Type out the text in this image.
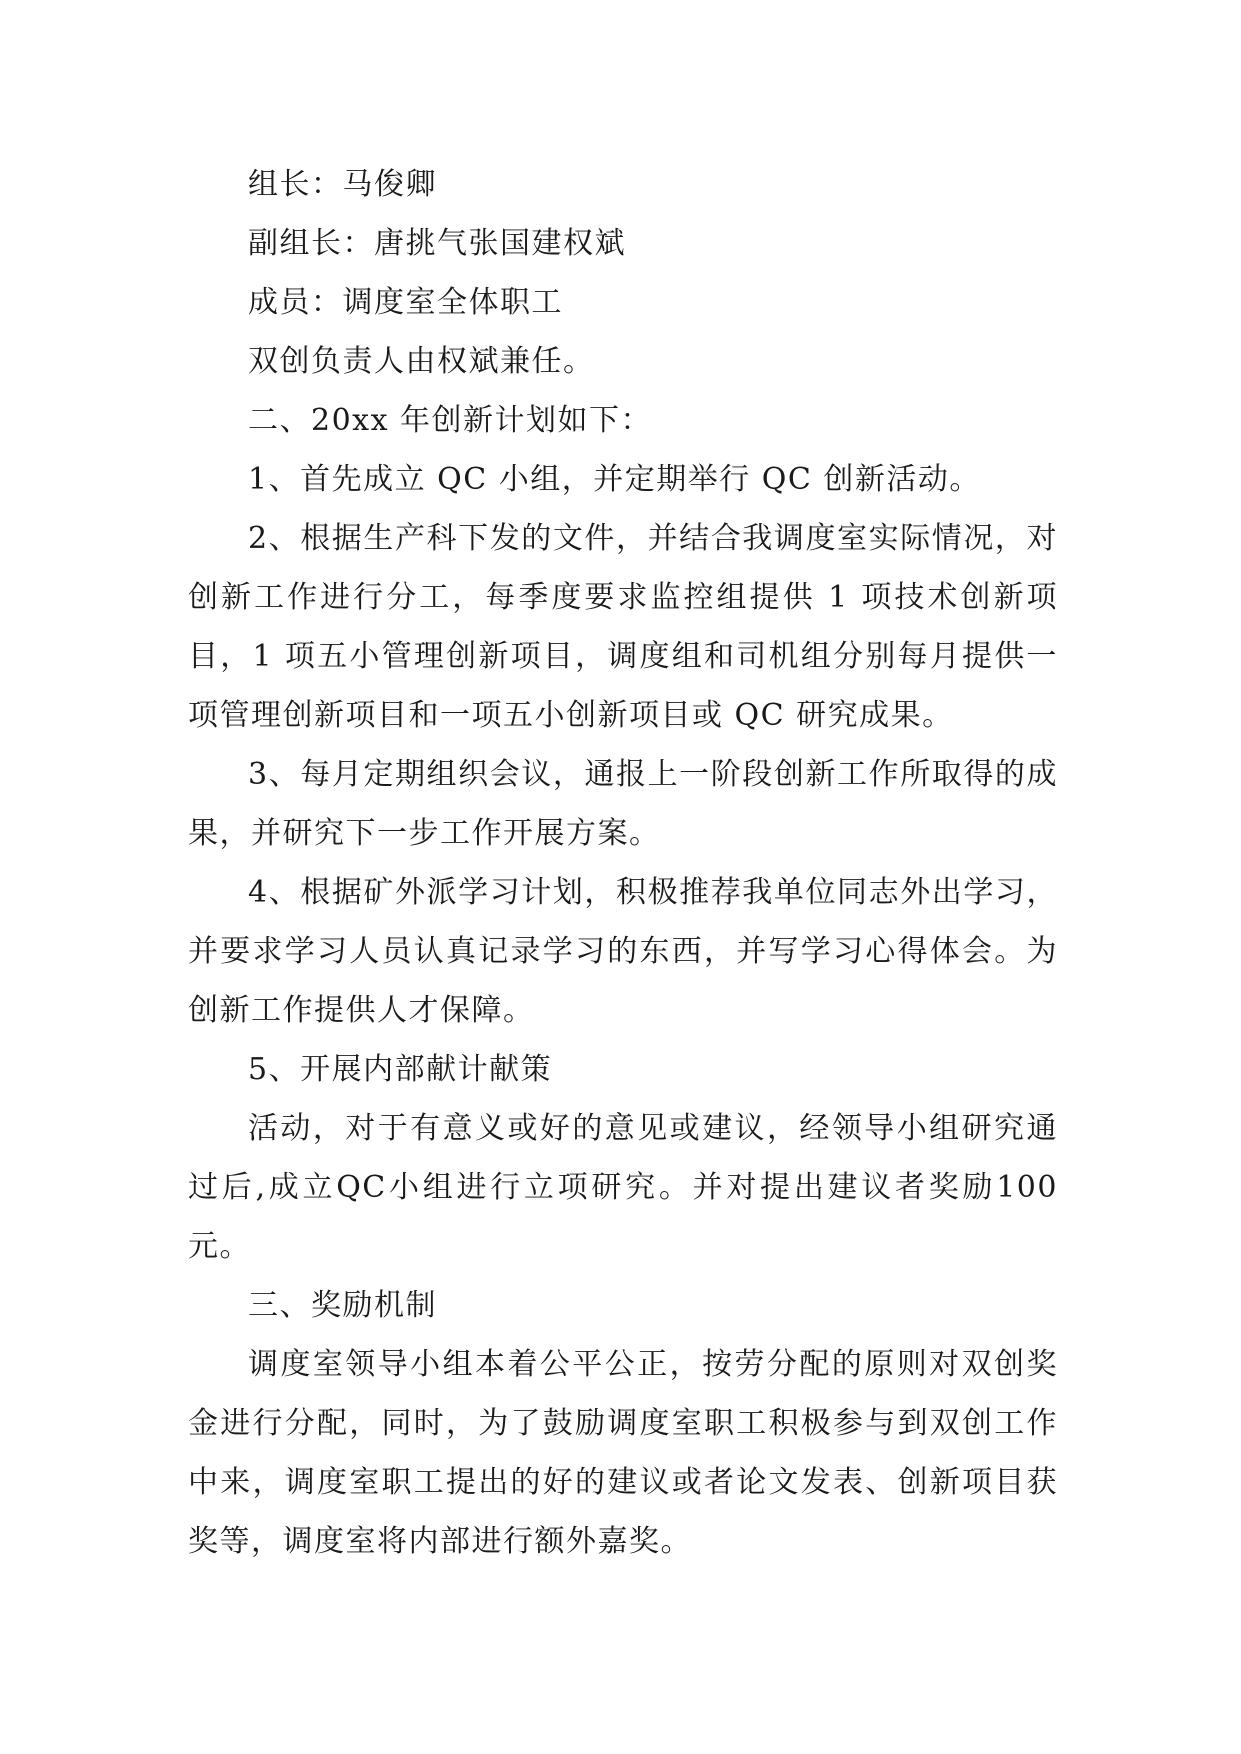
组长：马俊卿

副组长：唐挑气张国建权斌

成员：调度室全体职工

双创负责人由权斌兼任。

二、20xx 年创新计划如下：

1、首先成立 QC 小组，并定期举行 QC 创新活动。

2、根据生产科下发的文件，并结合我调度室实际情况，对创新工作进行分工，每季度要求监控组提供 1 项技术创新项目，1 项五小管理创新项目，调度组和司机组分别每月提供一项管理创新项目和一项五小创新项目或 QC 研究成果。

3、每月定期组织会议，通报上一阶段创新工作所取得的成果，并研究下一步工作开展方案。

4、根据矿外派学习计划，积极推荐我单位同志外出学习，并要求学习人员认真记录学习的东西，并写学习心得体会。为创新工作提供人才保障。

5、开展内部献计献策

活动，对于有意义或好的意见或建议，经领导小组研究通过后,成立QC小组进行立项研究。并对提出建议者奖励100元。

三、奖励机制

调度室领导小组本着公平公正，按劳分配的原则对双创奖金进行分配，同时，为了鼓励调度室职工积极参与到双创工作中来，调度室职工提出的好的建议或者论文发表、创新项目获奖等，调度室将内部进行额外嘉奖。
